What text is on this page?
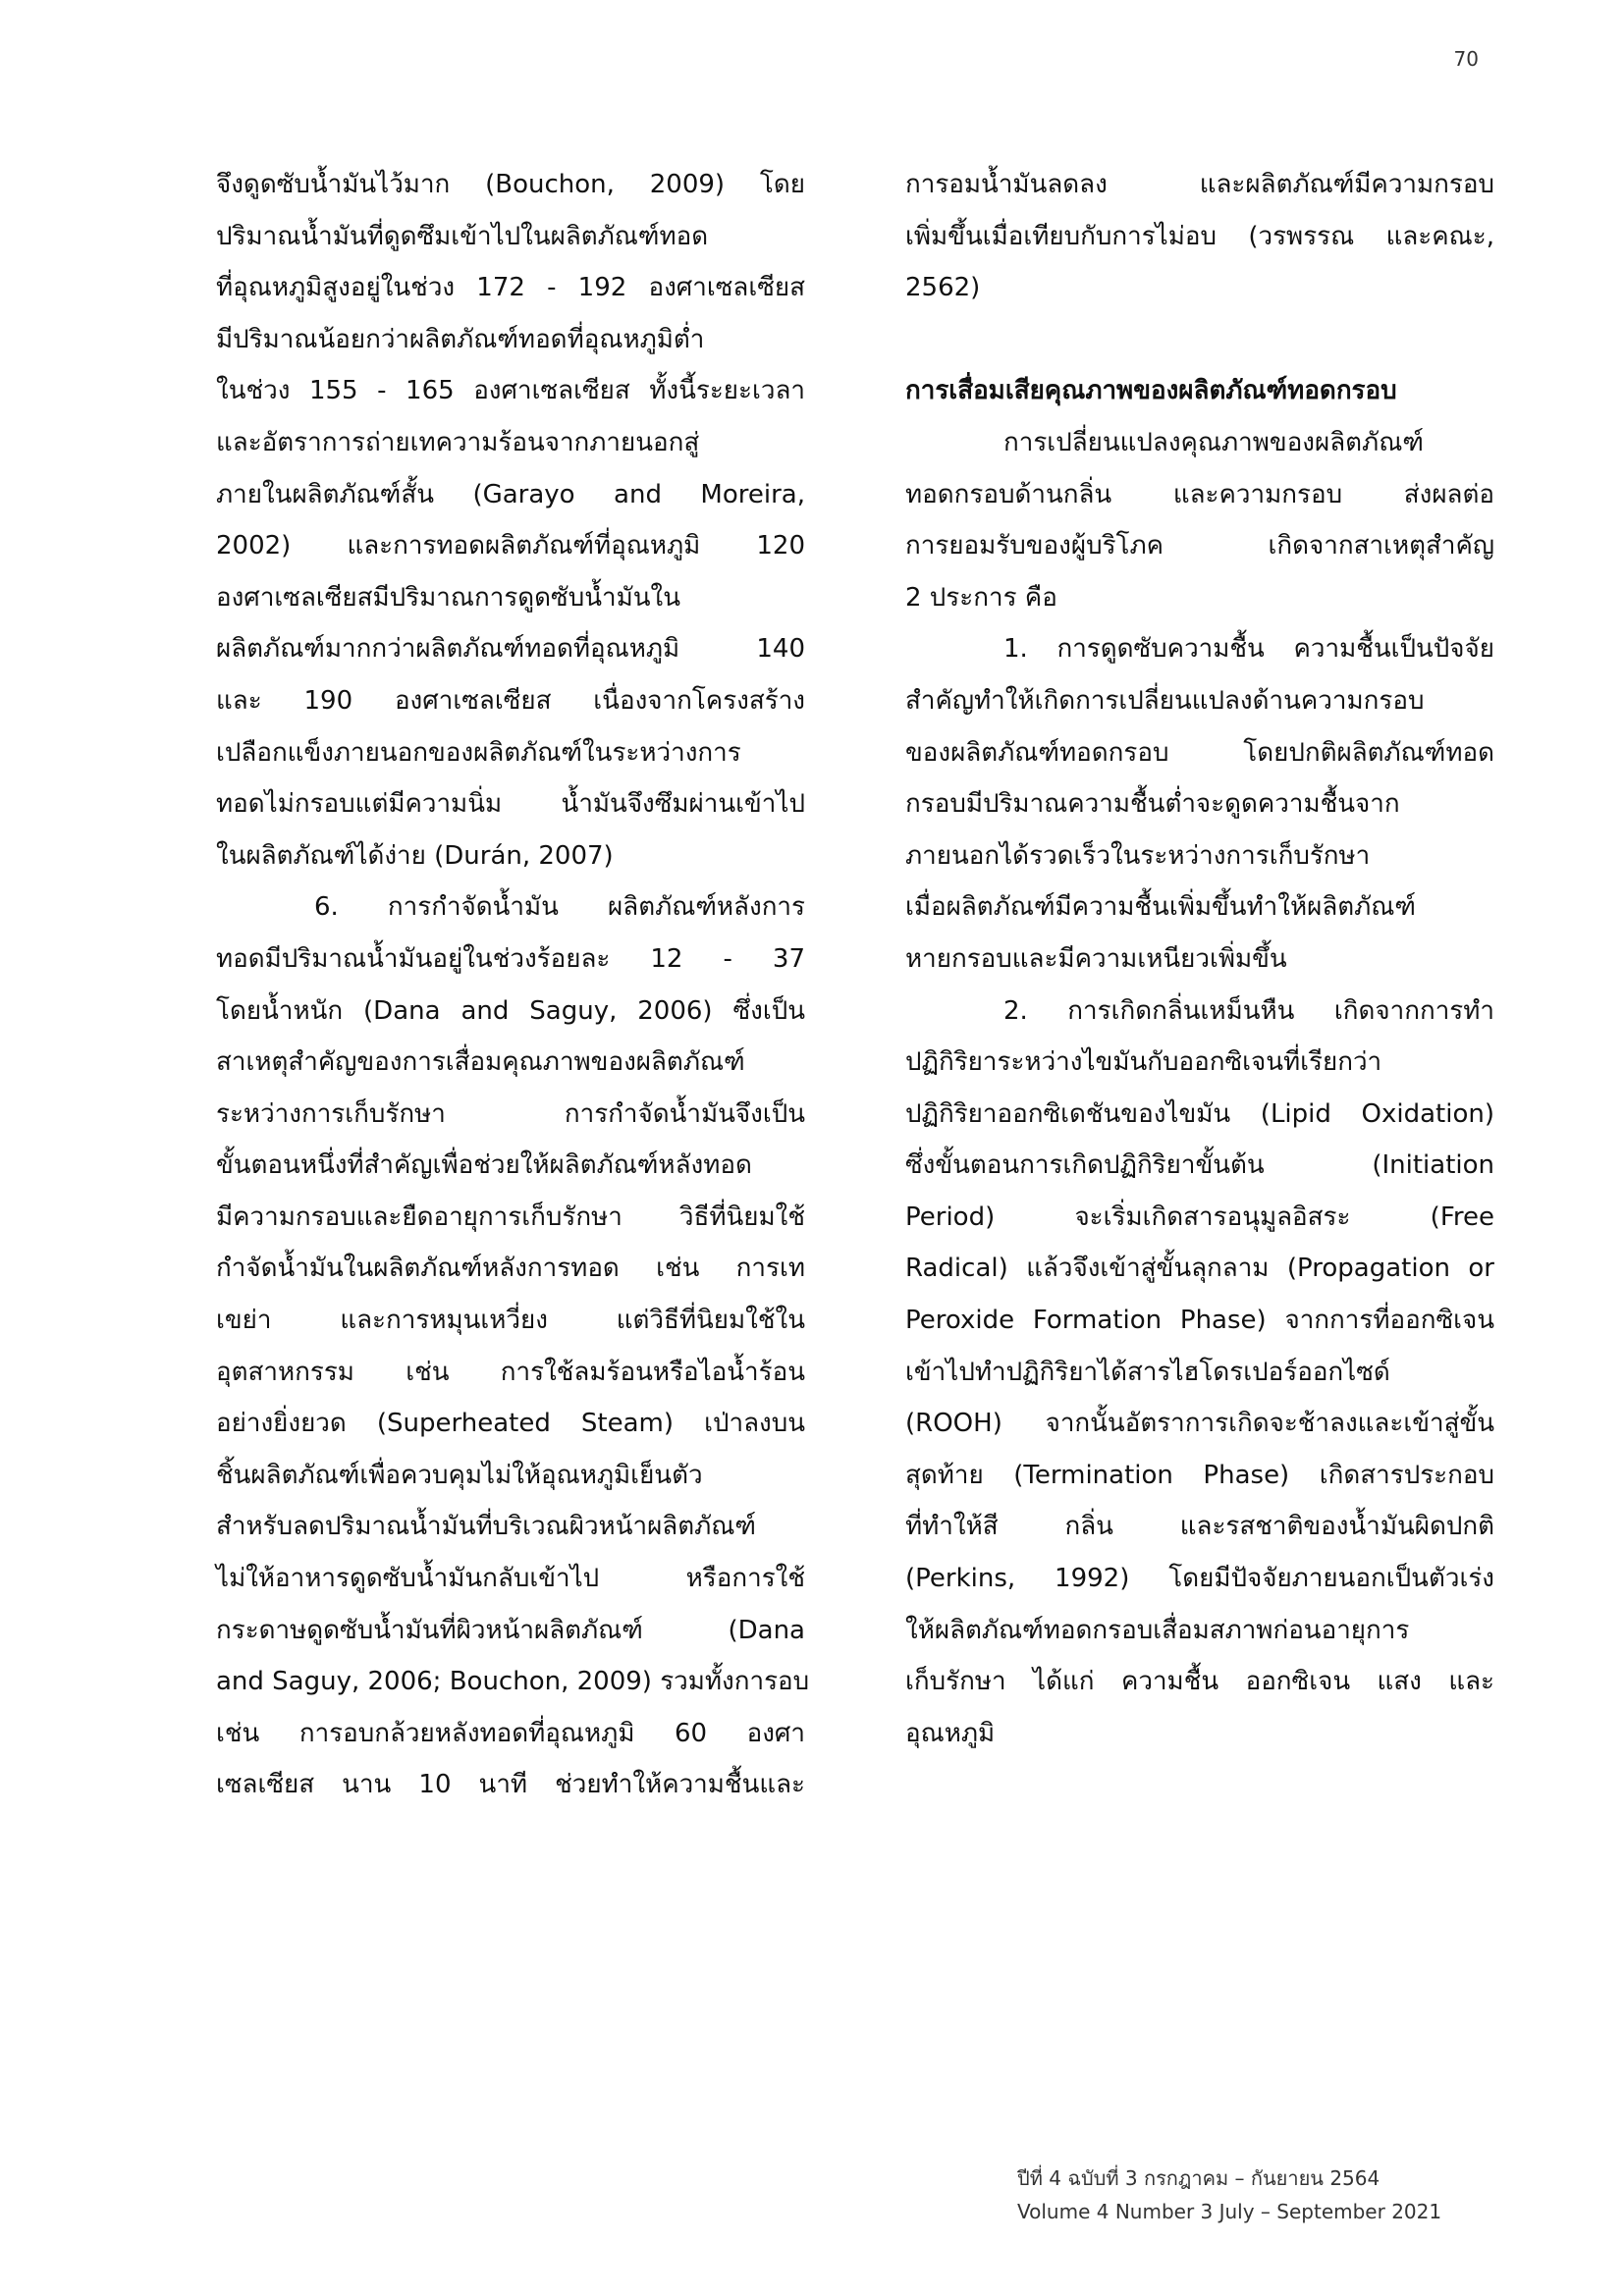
70
จึงดูดซับน้ำมันไว้มาก (Bouchon, 2009) โดย
ปริมาณน้ำมันที่ดูดซึมเข้าไปในผลิตภัณฑ์ทอด
ที่อุณหภูมิสูงอยู่ในช่วง 172 - 192 องศาเซลเซียส
มีปริมาณน้อยกว่าผลิตภัณฑ์ทอดที่อุณหภูมิต่ำ
ในช่วง 155 - 165 องศาเซลเซียส ทั้งนี้ระยะเวลา
และอัตราการถ่ายเทความร้อนจากภายนอกสู่
ภายในผลิตภัณฑ์สั้น (Garayo and Moreira,
2002) และการทอดผลิตภัณฑ์ที่อุณหภูมิ 120
องศาเซลเซียสมีปริมาณการดูดซับน้ำมันใน
ผลิตภัณฑ์มากกว่าผลิตภัณฑ์ทอดที่อุณหภูมิ 140
และ 190 องศาเซลเซียส เนื่องจากโครงสร้าง
เปลือกแข็งภายนอกของผลิตภัณฑ์ในระหว่างการ
ทอดไม่กรอบแต่มีความนิ่ม น้ำมันจึงซึมผ่านเข้าไป
ในผลิตภัณฑ์ได้ง่าย (Durán, 2007)
6. การกำจัดน้ำมัน ผลิตภัณฑ์หลังการ
ทอดมีปริมาณน้ำมันอยู่ในช่วงร้อยละ 12 - 37
โดยน้ำหนัก (Dana and Saguy, 2006) ซึ่งเป็น
สาเหตุสำคัญของการเสื่อมคุณภาพของผลิตภัณฑ์
ระหว่างการเก็บรักษา การกำจัดน้ำมันจึงเป็น
ขั้นตอนหนึ่งที่สำคัญเพื่อช่วยให้ผลิตภัณฑ์หลังทอด
มีความกรอบและยืดอายุการเก็บรักษา วิธีที่นิยมใช้
กำจัดน้ำมันในผลิตภัณฑ์หลังการทอด เช่น การเท
เขย่า และการหมุนเหวี่ยง แต่วิธีที่นิยมใช้ใน
อุตสาหกรรม เช่น การใช้ลมร้อนหรือไอน้ำร้อน
อย่างยิ่งยวด (Superheated Steam) เป่าลงบน
ชิ้นผลิตภัณฑ์เพื่อควบคุมไม่ให้อุณหภูมิเย็นตัว
สำหรับลดปริมาณน้ำมันที่บริเวณผิวหน้าผลิตภัณฑ์
ไม่ให้อาหารดูดซับน้ำมันกลับเข้าไป หรือการใช้
กระดาษดูดซับน้ำมันที่ผิวหน้าผลิตภัณฑ์ (Dana
and Saguy, 2006; Bouchon, 2009) รวมทั้งการอบ
เช่น การอบกล้วยหลังทอดที่อุณหภูมิ 60 องศา
เซลเซียส นาน 10 นาที ช่วยทำให้ความชื้นและ
การอมน้ำมันลดลง และผลิตภัณฑ์มีความกรอบ
เพิ่มขึ้นเมื่อเทียบกับการไม่อบ (วรพรรณ และคณะ,
2562)
การเสื่อมเสียคุณภาพของผลิตภัณฑ์ทอดกรอบ
การเปลี่ยนแปลงคุณภาพของผลิตภัณฑ์
ทอดกรอบด้านกลิ่น และความกรอบ ส่งผลต่อ
การยอมรับของผู้บริโภค เกิดจากสาเหตุสำคัญ
2 ประการ คือ
1. การดูดซับความชื้น ความชื้นเป็นปัจจัย
สำคัญทำให้เกิดการเปลี่ยนแปลงด้านความกรอบ
ของผลิตภัณฑ์ทอดกรอบ โดยปกติผลิตภัณฑ์ทอด
กรอบมีปริมาณความชื้นต่ำจะดูดความชื้นจาก
ภายนอกได้รวดเร็วในระหว่างการเก็บรักษา
เมื่อผลิตภัณฑ์มีความชื้นเพิ่มขึ้นทำให้ผลิตภัณฑ์
หายกรอบและมีความเหนียวเพิ่มขึ้น
2. การเกิดกลิ่นเหม็นหืน เกิดจากการทำ
ปฏิกิริยาระหว่างไขมันกับออกซิเจนที่เรียกว่า
ปฏิกิริยาออกซิเดชันของไขมัน (Lipid Oxidation)
ซึ่งขั้นตอนการเกิดปฏิกิริยาขั้นต้น (Initiation
Period) จะเริ่มเกิดสารอนุมูลอิสระ (Free
Radical) แล้วจึงเข้าสู่ขั้นลุกลาม (Propagation or
Peroxide Formation Phase) จากการที่ออกซิเจน
เข้าไปทำปฏิกิริยาได้สารไฮโดรเปอร์ออกไซด์
(ROOH) จากนั้นอัตราการเกิดจะช้าลงและเข้าสู่ขั้น
สุดท้าย (Termination Phase) เกิดสารประกอบ
ที่ทำให้สี กลิ่น และรสชาติของน้ำมันผิดปกติ
(Perkins, 1992) โดยมีปัจจัยภายนอกเป็นตัวเร่ง
ให้ผลิตภัณฑ์ทอดกรอบเสื่อมสภาพก่อนอายุการ
เก็บรักษา ได้แก่ ความชื้น ออกซิเจน แสง และ
อุณหภูมิ
ปีที่ 4 ฉบับที่ 3 กรกฎาคม – กันยายน 2564
Volume 4 Number 3 July – September 2021
